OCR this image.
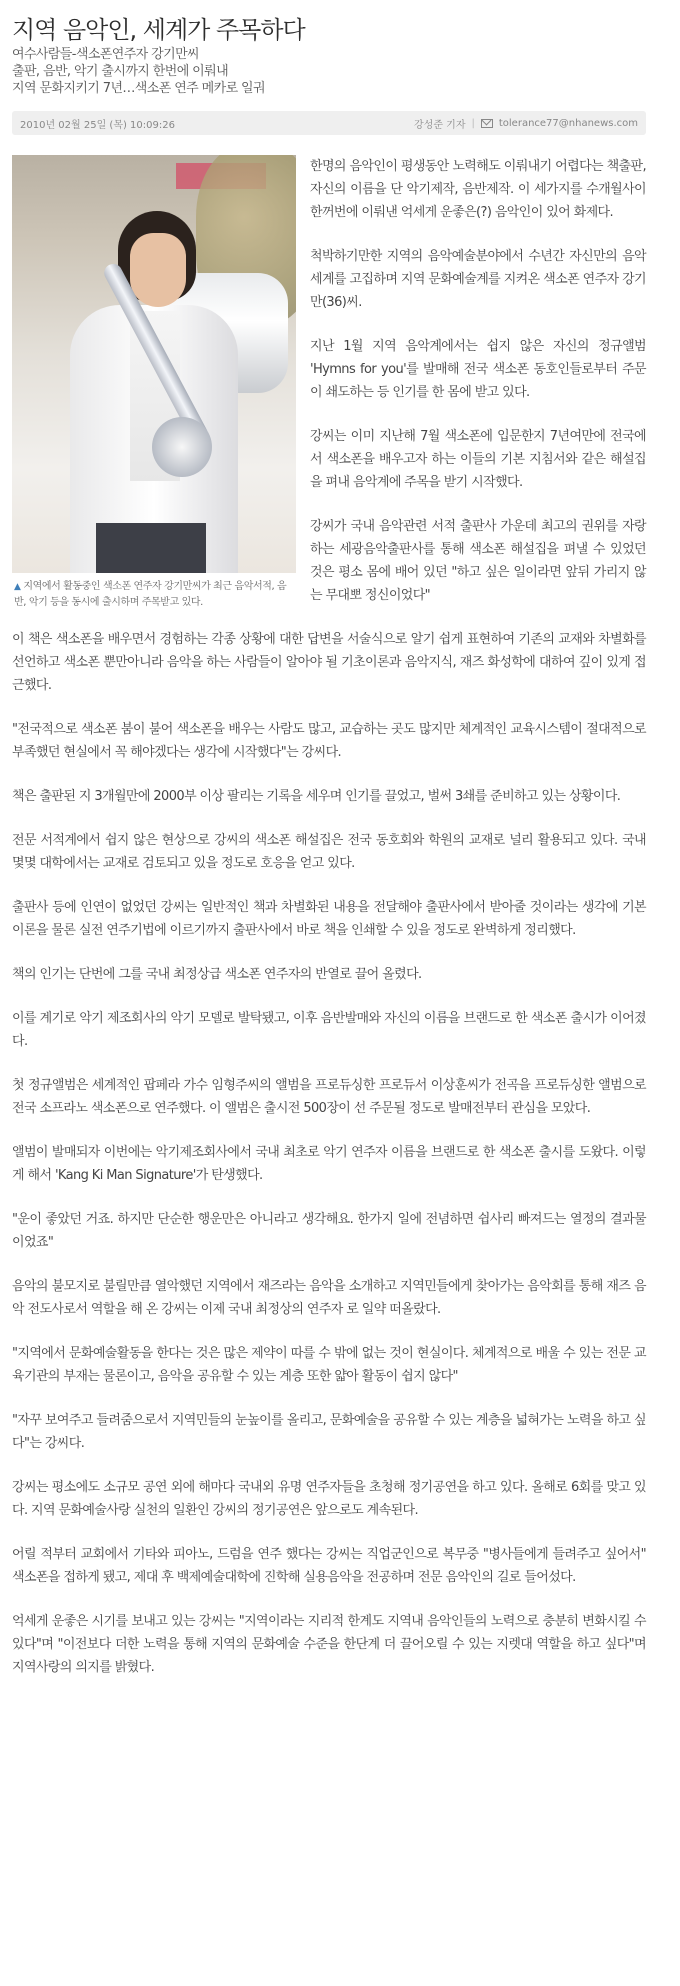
지역 음악인, 세계가 주목하다
여수사람들-색소폰연주자 강기만씨
출판, 음반, 악기 출시까지 한번에 이뤄내
지역 문화지키기 7년…색소폰 연주 메카로 일궈
2010년 02월 25일 (목) 10:09:26	강성준 기자 | tolerance77@nhanews.com
▲ 지역에서 활동중인 색소폰 연주자 강기만씨가 최근 음악서적, 음반, 악기 등을 동시에 출시하며 주목받고 있다.

한명의 음악인이 평생동안 노력해도 이뤄내기 어렵다는 책출판, 자신의 이름을 단 악기제작, 음반제작. 이 세가지를 수개월사이 한꺼번에 이뤄낸 억세게 운좋은(?) 음악인이 있어 화제다.

척박하기만한 지역의 음악예술분야에서 수년간 자신만의 음악세계를 고집하며 지역 문화예술계를 지켜온 색소폰 연주자 강기만(36)씨.

지난 1월 지역 음악계에서는 쉽지 않은 자신의 정규앨범 'Hymns for you'를 발매해 전국 색소폰 동호인들로부터 주문이 쇄도하는 등 인기를 한 몸에 받고 있다.

강씨는 이미 지난해 7월 색소폰에 입문한지 7년여만에 전국에서 색소폰을 배우고자 하는 이들의 기본 지침서와 같은 해설집을 펴내 음악계에 주목을 받기 시작했다.

강씨가 국내 음악관련 서적 출판사 가운데 최고의 권위를 자랑하는 세광음악출판사를 통해 색소폰 해설집을 펴낼 수 있었던 것은 평소 몸에 배어 있던 "하고 싶은 일이라면 앞뒤 가리지 않는 무대뽀 정신이었다"

이 책은 색소폰을 배우면서 경험하는 각종 상황에 대한 답변을 서술식으로 알기 쉽게 표현하여 기존의 교재와 차별화를 선언하고 색소폰 뿐만아니라 음악을 하는 사람들이 알아야 될 기초이론과 음악지식, 재즈 화성학에 대하여 깊이 있게 접근했다.

"전국적으로 색소폰 붐이 불어 색소폰을 배우는 사람도 많고, 교습하는 곳도 많지만 체계적인 교육시스템이 절대적으로 부족했던 현실에서 꼭 해야겠다는 생각에 시작했다"는 강씨다.

책은 출판된 지 3개월만에 2000부 이상 팔리는 기록을 세우며 인기를 끌었고, 벌써 3쇄를 준비하고 있는 상황이다.

전문 서적계에서 쉽지 않은 현상으로 강씨의 색소폰 해설집은 전국 동호회와 학원의 교재로 널리 활용되고 있다. 국내 몇몇 대학에서는 교재로 검토되고 있을 정도로 호응을 얻고 있다.

출판사 등에 인연이 없었던 강씨는 일반적인 책과 차별화된 내용을 전달해야 출판사에서 받아줄 것이라는 생각에 기본 이론을 물론 실전 연주기법에 이르기까지 출판사에서 바로 책을 인쇄할 수 있을 정도로 완벽하게 정리했다.

책의 인기는 단번에 그를 국내 최정상급 색소폰 연주자의 반열로 끌어 올렸다.

이를 계기로 악기 제조회사의 악기 모델로 발탁됐고, 이후 음반발매와 자신의 이름을 브랜드로 한 색소폰 출시가 이어졌다.

첫 정규앨범은 세계적인 팝페라 가수 임형주씨의 앨범을 프로듀싱한 프로듀서 이상훈씨가 전곡을 프로듀싱한 앨범으로 전국 소프라노 색소폰으로 연주했다. 이 앨범은 출시전 500장이 선 주문될 정도로 발매전부터 관심을 모았다.

앨범이 발매되자 이번에는 악기제조회사에서 국내 최초로 악기 연주자 이름을 브랜드로 한 색소폰 출시를 도왔다. 이렇게 해서 'Kang Ki Man Signature'가 탄생했다.

"운이 좋았던 거죠. 하지만 단순한 행운만은 아니라고 생각해요. 한가지 일에 전념하면 쉽사리 빠져드는 열정의 결과물이었죠"

음악의 불모지로 불릴만큼 열악했던 지역에서 재즈라는 음악을 소개하고 지역민들에게 찾아가는 음악회를 통해 재즈 음악 전도사로서 역할을 해 온 강씨는 이제 국내 최정상의 연주자 로 일약 떠올랐다.

"지역에서 문화예술활동을 한다는 것은 많은 제약이 따를 수 밖에 없는 것이 현실이다. 체계적으로 배울 수 있는 전문 교육기관의 부재는 물론이고, 음악을 공유할 수 있는 계층 또한 얇아 활동이 쉽지 않다"

"자꾸 보여주고 들려줌으로서 지역민들의 눈높이를 올리고, 문화예술을 공유할 수 있는 계층을 넓혀가는 노력을 하고 싶다"는 강씨다.

강씨는 평소에도 소규모 공연 외에 해마다 국내외 유명 연주자들을 초청해 정기공연을 하고 있다. 올해로 6회를 맞고 있다. 지역 문화예술사랑 실천의 일환인 강씨의 정기공연은 앞으로도 계속된다.

어릴 적부터 교회에서 기타와 피아노, 드럼을 연주 했다는 강씨는 직업군인으로 복무중 "병사들에게 들려주고 싶어서" 색소폰을 접하게 됐고, 제대 후 백제예술대학에 진학해 실용음악을 전공하며 전문 음악인의 길로 들어섰다.

억세게 운좋은 시기를 보내고 있는 강씨는 "지역이라는 지리적 한계도 지역내 음악인들의 노력으로 충분히 변화시킬 수 있다"며 "이전보다 더한 노력을 통해 지역의 문화예술 수준을 한단계 더 끌어오릴 수 있는 지렛대 역할을 하고 싶다"며 지역사랑의 의지를 밝혔다.
